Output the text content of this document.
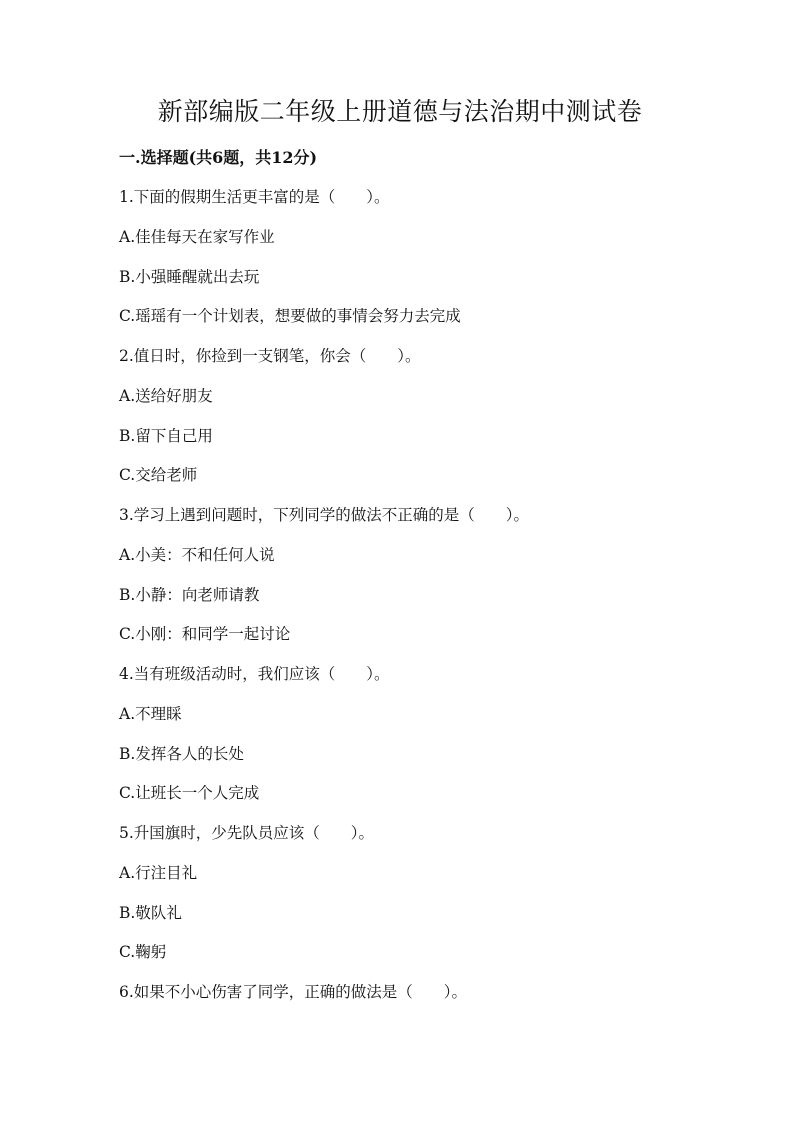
新部编版二年级上册道德与法治期中测试卷
一.选择题(共6题，共12分)
1.下面的假期生活更丰富的是（　　）。
A.佳佳每天在家写作业
B.小强睡醒就出去玩
C.瑶瑶有一个计划表，想要做的事情会努力去完成
2.值日时，你捡到一支钢笔，你会（　　）。
A.送给好朋友
B.留下自己用
C.交给老师
3.学习上遇到问题时，下列同学的做法不正确的是（　　）。
A.小美：不和任何人说
B.小静：向老师请教
C.小刚：和同学一起讨论
4.当有班级活动时，我们应该（　　）。
A.不理睬
B.发挥各人的长处
C.让班长一个人完成
5.升国旗时，少先队员应该（　　）。
A.行注目礼
B.敬队礼
C.鞠躬
6.如果不小心伤害了同学，正确的做法是（　　）。
